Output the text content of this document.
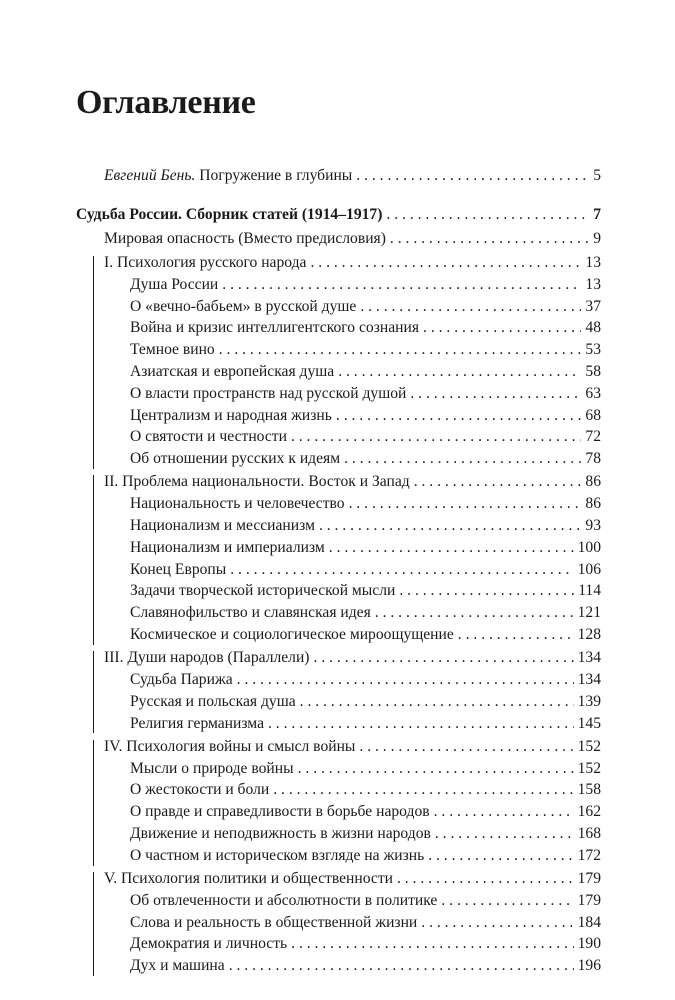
Оглавление
Евгений Бень. Погружение в глубины . . .	5
Судьба России. Сборник статей (1914–1917) . . .	7
Мировая опасность (Вместо предисловия) . . .	9
I. Психология русского народа . . .	13
Душа России . . .	13
О «вечно-бабьем» в русской душе . . .	37
Война и кризис интеллигентского сознания . . .	48
Темное вино . . .	53
Азиатская и европейская душа . . .	58
О власти пространств над русской душой . . .	63
Централизм и народная жизнь . . .	68
О святости и честности . . .	72
Об отношении русских к идеям . . .	78
II. Проблема национальности. Восток и Запад . . .	86
Национальность и человечество . . .	86
Национализм и мессианизм . . .	93
Национализм и империализм . . .	100
Конец Европы . . .	106
Задачи творческой исторической мысли . . .	114
Славянофильство и славянская идея . . .	121
Космическое и социологическое мироощущение . . .	128
III. Души народов (Параллели) . . .	134
Судьба Парижа . . .	134
Русская и польская душа . . .	139
Религия германизма . . .	145
IV. Психология войны и смысл войны . . .	152
Мысли о природе войны . . .	152
О жестокости и боли . . .	158
О правде и справедливости в борьбе народов . . .	162
Движение и неподвижность в жизни народов . . .	168
О частном и историческом взгляде на жизнь . . .	172
V. Психология политики и общественности . . .	179
Об отвлеченности и абсолютности в политике . . .	179
Слова и реальность в общественной жизни . . .	184
Демократия и личность . . .	190
Дух и машина . . .	196
